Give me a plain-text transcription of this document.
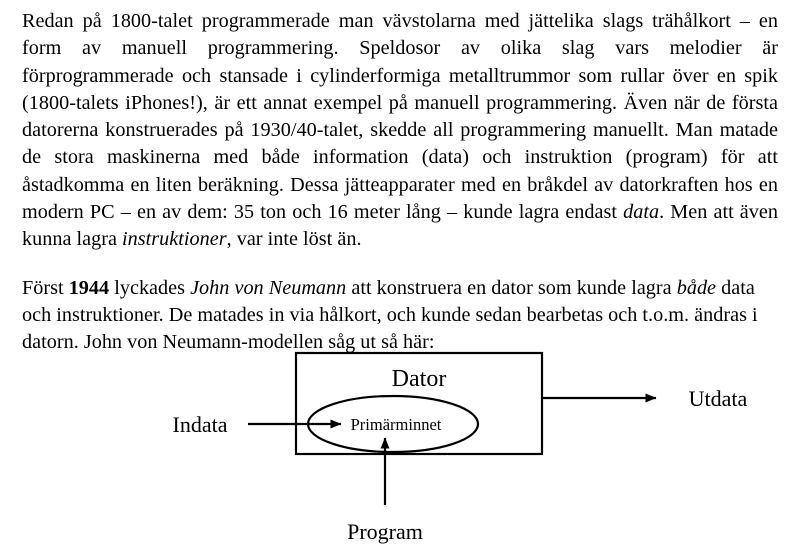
Redan på 1800-talet programmerade man vävstolarna med jättelika slags trähålkort – en form av manuell programmering. Speldosor av olika slag vars melodier är förprogrammerade och stansade i cylinderformiga metalltrummor som rullar över en spik (1800-talets iPhones!), är ett annat exempel på manuell programmering. Även när de första datorerna konstruerades på 1930/40-talet, skedde all programmering manuellt. Man matade de stora maskinerna med både information (data) och instruktion (program) för att åstadkomma en liten beräkning. Dessa jätteapparater med en bråkdel av datorkraften hos en modern PC – en av dem: 35 ton och 16 meter lång – kunde lagra endast data. Men att även kunna lagra instruktioner, var inte löst än.

Först 1944 lyckades John von Neumann att konstruera en dator som kunde lagra både data och instruktioner. De matades in via hålkort, och kunde sedan bearbetas och t.o.m. ändras i datorn. John von Neumann-modellen såg ut så här:

Dator
Primärminnet
Indata
Utdata
Program
